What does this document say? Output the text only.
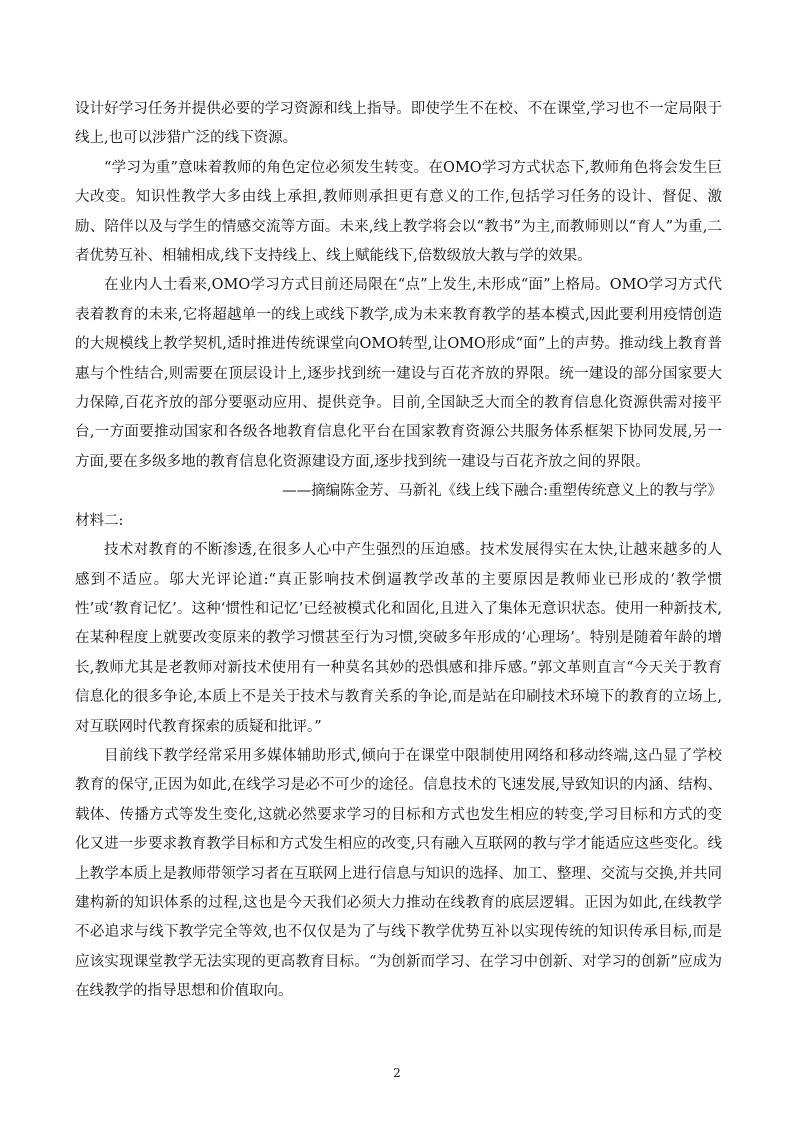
设计好学习任务并提供必要的学习资源和线上指导。即使学生不在校、不在课堂,学习也不一定局限于线上,也可以涉猎广泛的线下资源。

“学习为重”意味着教师的角色定位必须发生转变。在OMO学习方式状态下,教师角色将会发生巨大改变。知识性教学大多由线上承担,教师则承担更有意义的工作,包括学习任务的设计、督促、激励、陪伴以及与学生的情感交流等方面。未来,线上教学将会以“教书”为主,而教师则以“育人”为重,二者优势互补、相辅相成,线下支持线上、线上赋能线下,倍数级放大教与学的效果。

在业内人士看来,OMO学习方式目前还局限在“点”上发生,未形成“面”上格局。OMO学习方式代表着教育的未来,它将超越单一的线上或线下教学,成为未来教育教学的基本模式,因此要利用疫情创造的大规模线上教学契机,适时推进传统课堂向OMO转型,让OMO形成“面”上的声势。推动线上教育普惠与个性结合,则需要在顶层设计上,逐步找到统一建设与百花齐放的界限。统一建设的部分国家要大力保障,百花齐放的部分要驱动应用、提供竞争。目前,全国缺乏大而全的教育信息化资源供需对接平台,一方面要推动国家和各级各地教育信息化平台在国家教育资源公共服务体系框架下协同发展,另一方面,要在多级多地的教育信息化资源建设方面,逐步找到统一建设与百花齐放之间的界限。

——摘编陈金芳、马新礼《线上线下融合:重塑传统意义上的教与学》

材料二:

技术对教育的不断渗透,在很多人心中产生强烈的压迫感。技术发展得实在太快,让越来越多的人感到不适应。邬大光评论道:“真正影响技术倒逼教学改革的主要原因是教师业已形成的‘教学惯性’或‘教育记忆’。这种‘惯性和记忆’已经被模式化和固化,且进入了集体无意识状态。使用一种新技术,在某种程度上就要改变原来的教学习惯甚至行为习惯,突破多年形成的‘心理场’。特别是随着年龄的增长,教师尤其是老教师对新技术使用有一种莫名其妙的恐惧感和排斥感。”郭文革则直言“今天关于教育信息化的很多争论,本质上不是关于技术与教育关系的争论,而是站在印刷技术环境下的教育的立场上,对互联网时代教育探索的质疑和批评。”

目前线下教学经常采用多媒体辅助形式,倾向于在课堂中限制使用网络和移动终端,这凸显了学校教育的保守,正因为如此,在线学习是必不可少的途径。信息技术的飞速发展,导致知识的内涵、结构、载体、传播方式等发生变化,这就必然要求学习的目标和方式也发生相应的转变,学习目标和方式的变化又进一步要求教育教学目标和方式发生相应的改变,只有融入互联网的教与学才能适应这些变化。线上教学本质上是教师带领学习者在互联网上进行信息与知识的选择、加工、整理、交流与交换,并共同建构新的知识体系的过程,这也是今天我们必须大力推动在线教育的底层逻辑。正因为如此,在线教学不必追求与线下教学完全等效,也不仅仅是为了与线下教学优势互补以实现传统的知识传承目标,而是应该实现课堂教学无法实现的更高教育目标。“为创新而学习、在学习中创新、对学习的创新”应成为在线教学的指导思想和价值取向。

2
